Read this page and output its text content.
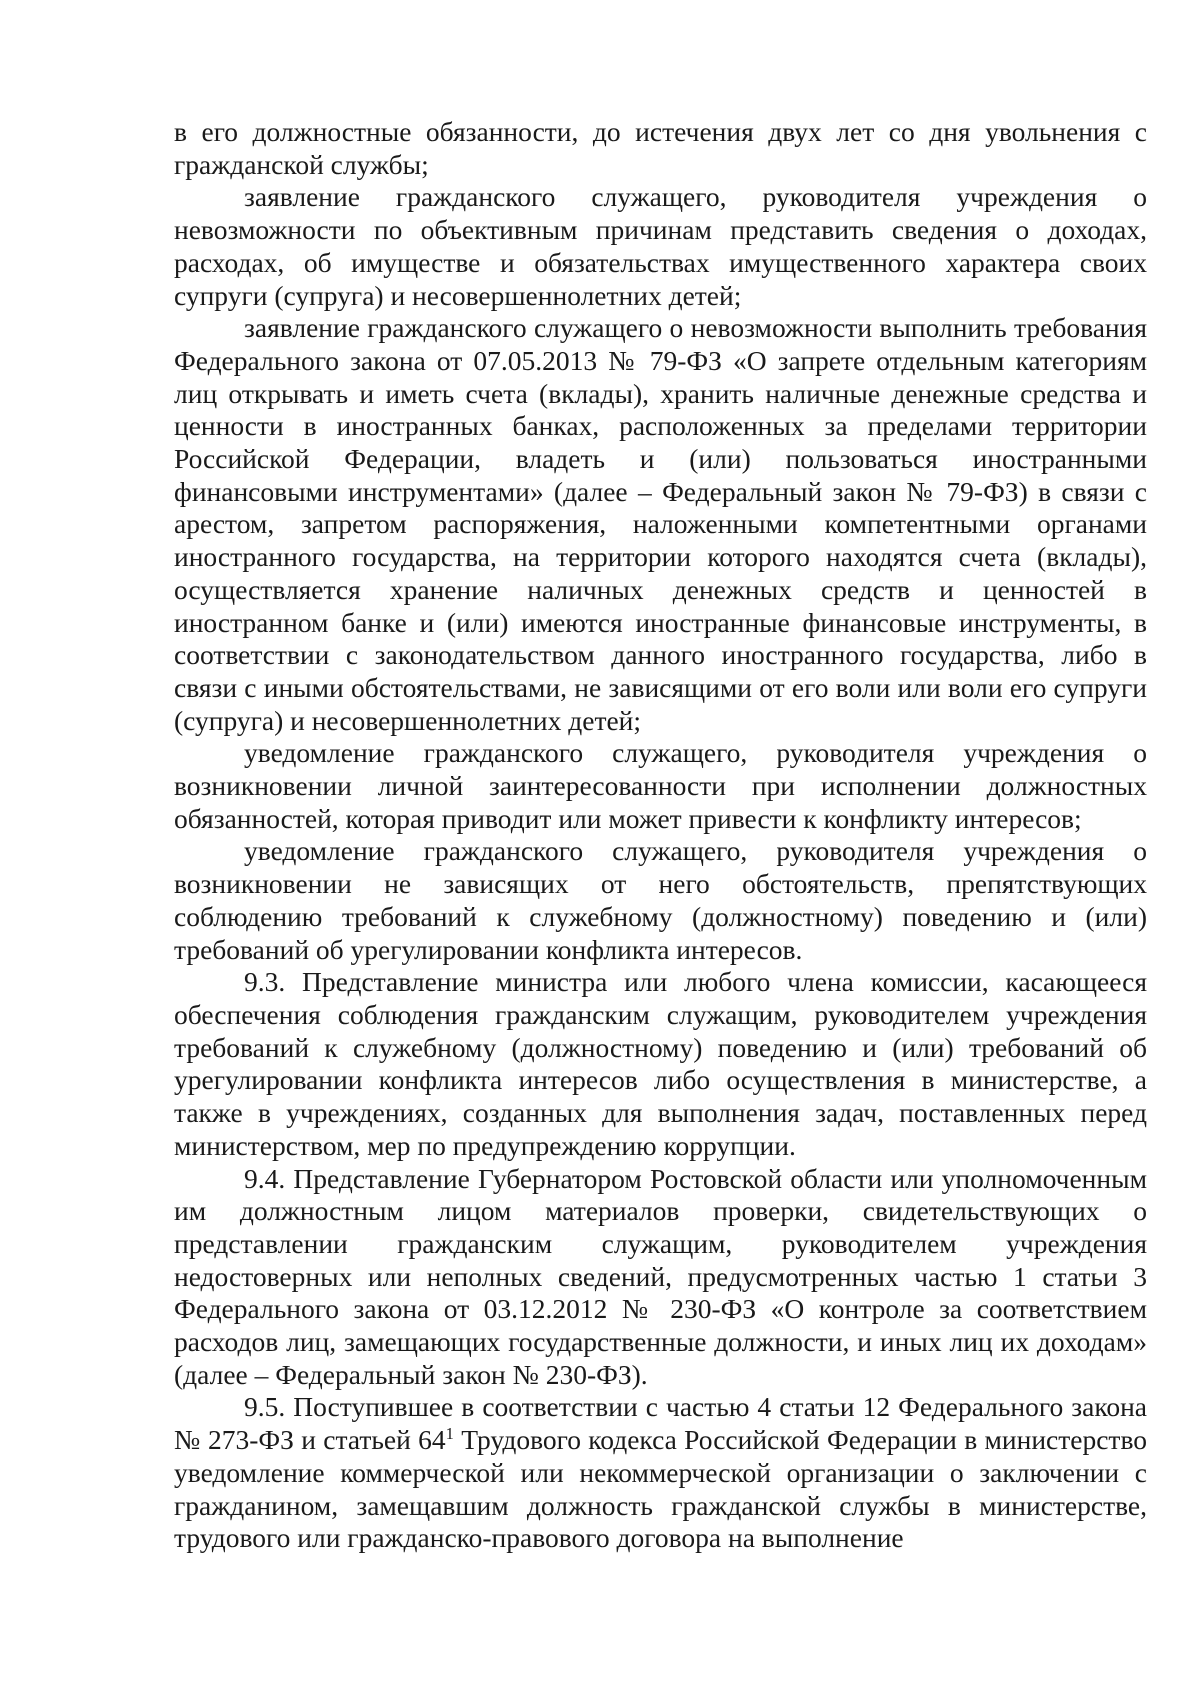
в его должностные обязанности, до истечения двух лет со дня увольнения с гражданской службы;

заявление гражданского служащего, руководителя учреждения о невозможности по объективным причинам представить сведения о доходах, расходах, об имуществе и обязательствах имущественного характера своих супруги (супруга) и несовершеннолетних детей;

заявление гражданского служащего о невозможности выполнить требования Федерального закона от 07.05.2013 № 79-ФЗ «О запрете отдельным категориям лиц открывать и иметь счета (вклады), хранить наличные денежные средства и ценности в иностранных банках, расположенных за пределами территории Российской Федерации, владеть и (или) пользоваться иностранными финансовыми инструментами» (далее – Федеральный закон № 79-ФЗ) в связи с арестом, запретом распоряжения, наложенными компетентными органами иностранного государства, на территории которого находятся счета (вклады), осуществляется хранение наличных денежных средств и ценностей в иностранном банке и (или) имеются иностранные финансовые инструменты, в соответствии с законодательством данного иностранного государства, либо в связи с иными обстоятельствами, не зависящими от его воли или воли его супруги (супруга) и несовершеннолетних детей;

уведомление гражданского служащего, руководителя учреждения о возникновении личной заинтересованности при исполнении должностных обязанностей, которая приводит или может привести к конфликту интересов;

уведомление гражданского служащего, руководителя учреждения о возникновении не зависящих от него обстоятельств, препятствующих соблюдению требований к служебному (должностному) поведению и (или) требований об урегулировании конфликта интересов.

9.3. Представление министра или любого члена комиссии, касающееся обеспечения соблюдения гражданским служащим, руководителем учреждения требований к служебному (должностному) поведению и (или) требований об урегулировании конфликта интересов либо осуществления в министерстве, а также в учреждениях, созданных для выполнения задач, поставленных перед министерством, мер по предупреждению коррупции.

9.4. Представление Губернатором Ростовской области или уполномоченным им должностным лицом материалов проверки, свидетельствующих о представлении гражданским служащим, руководителем учреждения недостоверных или неполных сведений, предусмотренных частью 1 статьи 3 Федерального закона от 03.12.2012 № 230-ФЗ «О контроле за соответствием расходов лиц, замещающих государственные должности, и иных лиц их доходам» (далее – Федеральный закон № 230-ФЗ).

9.5. Поступившее в соответствии с частью 4 статьи 12 Федерального закона № 273-ФЗ и статьей $64^1$ Трудового кодекса Российской Федерации в министерство уведомление коммерческой или некоммерческой организации о заключении с гражданином, замещавшим должность гражданской службы в министерстве, трудового или гражданско-правового договора на выполнение
